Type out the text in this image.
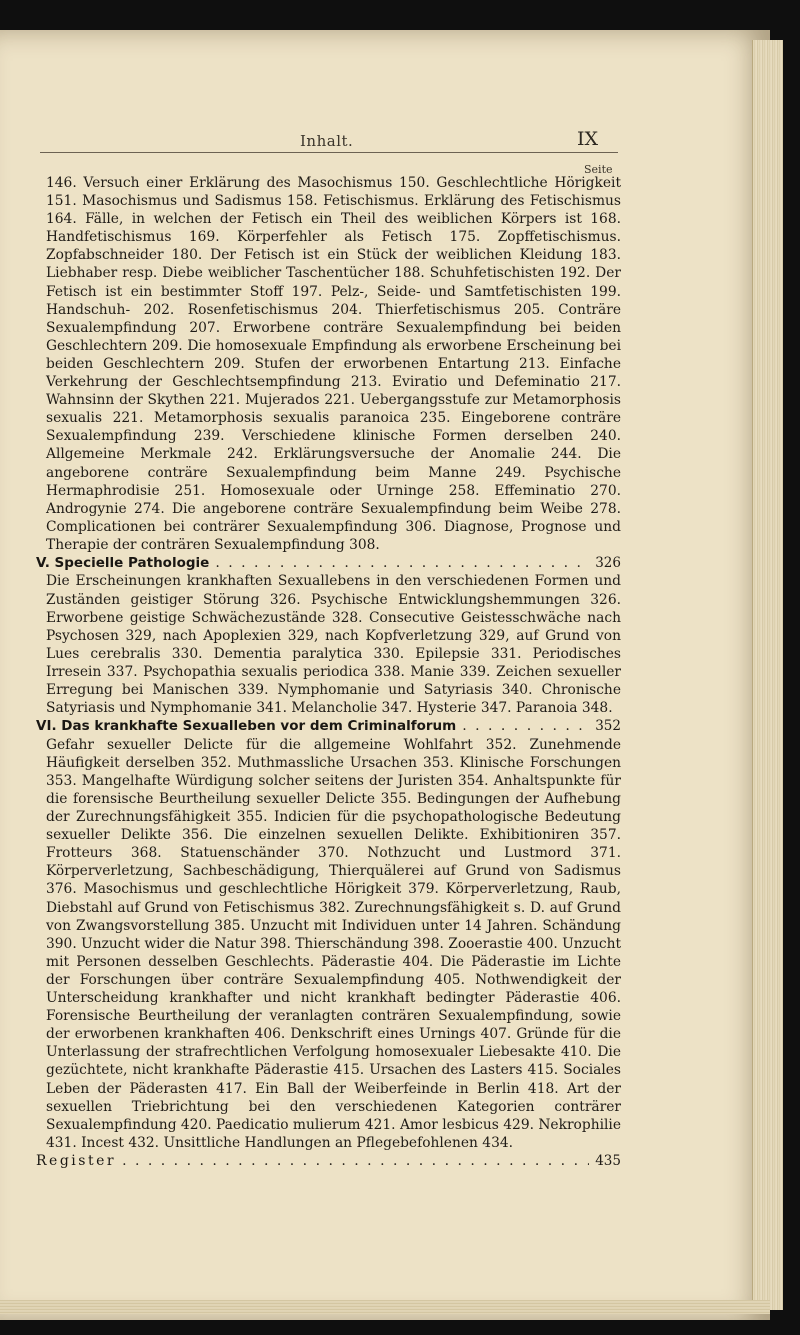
Inhalt.	IX
Seite

146. Versuch einer Erklärung des Masochismus 150. Geschlechtliche Hörigkeit 151. Masochismus und Sadismus 158. Fetischismus. Erklärung des Fetischismus 164. Fälle, in welchen der Fetisch ein Theil des weiblichen Körpers ist 168. Handfetischismus 169. Körperfehler als Fetisch 175. Zopffetischismus. Zopfabschneider 180. Der Fetisch ist ein Stück der weiblichen Kleidung 183. Liebhaber resp. Diebe weiblicher Taschentücher 188. Schuhfetischisten 192. Der Fetisch ist ein bestimmter Stoff 197. Pelz-, Seide- und Samtfetischisten 199. Handschuh- 202. Rosenfetischismus 204. Thierfetischismus 205. Conträre Sexualempfindung 207. Erworbene conträre Sexualempfindung bei beiden Geschlechtern 209. Die homosexuale Empfindung als erworbene Erscheinung bei beiden Geschlechtern 209. Stufen der erworbenen Entartung 213. Einfache Verkehrung der Geschlechtsempfindung 213. Eviratio und Defeminatio 217. Wahnsinn der Skythen 221. Mujerados 221. Uebergangsstufe zur Metamorphosis sexualis 221. Metamorphosis sexualis paranoica 235. Eingeborene conträre Sexualempfindung 239. Verschiedene klinische Formen derselben 240. Allgemeine Merkmale 242. Erklärungsversuche der Anomalie 244. Die angeborene conträre Sexualempfindung beim Manne 249. Psychische Hermaphrodisie 251. Homosexuale oder Urninge 258. Effeminatio 270. Androgynie 274. Die angeborene conträre Sexualempfindung beim Weibe 278. Complicationen bei conträrer Sexualempfindung 306. Diagnose, Prognose und Therapie der conträren Sexualempfindung 308.

V. Specielle Pathologie . . .	326

Die Erscheinungen krankhaften Sexuallebens in den verschiedenen Formen und Zuständen geistiger Störung 326. Psychische Entwicklungshemmungen 326. Erworbene geistige Schwächezustände 328. Consecutive Geistesschwäche nach Psychosen 329, nach Apoplexien 329, nach Kopfverletzung 329, auf Grund von Lues cerebralis 330. Dementia paralytica 330. Epilepsie 331. Periodisches Irresein 337. Psychopathia sexualis periodica 338. Manie 339. Zeichen sexueller Erregung bei Manischen 339. Nymphomanie und Satyriasis 340. Chronische Satyriasis und Nymphomanie 341. Melancholie 347. Hysterie 347. Paranoia 348.

VI. Das krankhafte Sexualleben vor dem Criminalforum . . .	352

Gefahr sexueller Delicte für die allgemeine Wohlfahrt 352. Zunehmende Häufigkeit derselben 352. Muthmassliche Ursachen 353. Klinische Forschungen 353. Mangelhafte Würdigung solcher seitens der Juristen 354. Anhaltspunkte für die forensische Beurtheilung sexueller Delicte 355. Bedingungen der Aufhebung der Zurechnungsfähigkeit 355. Indicien für die psychopathologische Bedeutung sexueller Delikte 356. Die einzelnen sexuellen Delikte. Exhibitioniren 357. Frotteurs 368. Statuenschänder 370. Nothzucht und Lustmord 371. Körperverletzung, Sachbeschädigung, Thierquälerei auf Grund von Sadismus 376. Masochismus und geschlechtliche Hörigkeit 379. Körperverletzung, Raub, Diebstahl auf Grund von Fetischismus 382. Zurechnungsfähigkeit s. D. auf Grund von Zwangsvorstellung 385. Unzucht mit Individuen unter 14 Jahren. Schändung 390. Unzucht wider die Natur 398. Thierschändung 398. Zooerastie 400. Unzucht mit Personen desselben Geschlechts. Päderastie 404. Die Päderastie im Lichte der Forschungen über conträre Sexualempfindung 405. Nothwendigkeit der Unterscheidung krankhafter und nicht krankhaft bedingter Päderastie 406. Forensische Beurtheilung der veranlagten conträren Sexualempfindung, sowie der erworbenen krankhaften 406. Denkschrift eines Urnings 407. Gründe für die Unterlassung der strafrechtlichen Verfolgung homosexualer Liebesakte 410. Die gezüchtete, nicht krankhafte Päderastie 415. Ursachen des Lasters 415. Sociales Leben der Päderasten 417. Ein Ball der Weiberfeinde in Berlin 418. Art der sexuellen Triebrichtung bei den verschiedenen Kategorien conträrer Sexualempfindung 420. Paedicatio mulierum 421. Amor lesbicus 429. Nekrophilie 431. Incest 432. Unsittliche Handlungen an Pflegebefohlenen 434.

Register . . .	435
